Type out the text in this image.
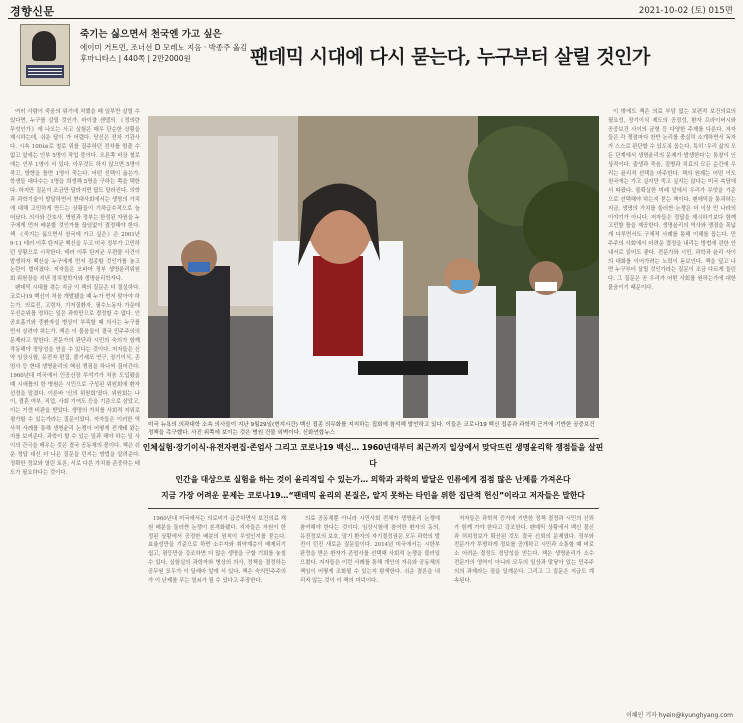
경향신문	2021-10-02 (토) 015면
죽기는 싫으면서 천국엔 가고 싶은
에이미 거트먼, 조너선 D 모레노 지음 · 박종주 옮김
후마니타스 | 440쪽 | 2만2000원	팬데믹 시대에 다시 묻는다, 누구부터 살릴 것인가

여러 사람이 죽음의 위기에 처했을 때 일부만 살릴 수 있다면, 누구를 살릴 것인가. 마이클 샌델의 《정의란 무엇인가》에 나오는 사고 실험은 매우 단순한 상황을 제시하는데, 쉬운 답이 가 어렵다. 당신은 전차 기관사다. 시속 100㎞로 철로 위를 질주하던 전차를 멈출 수 없고 앞에는 인부 5명이 작업 중이다. 오른쪽 비상 철로에는 인부 1명이 서 있다. 아무것도 하지 않으면 5명이 죽고, 방향을 틀면 1명이 죽는다. 어떤 선택이 옳은가. 학생들 대다수는 1명을 희생해 5명을 구하는 쪽을 택한다. 하지만 질문이 조금만 달라지면 답도 달라진다. 의학과 과학기술이 발달하면서 현대사회에서는 생명의 가치에 대해 고민하게 만드는 상황들이 기하급수적으로 늘어났다. 의사와 간호사, 병원과 정부는 한정된 자원을 누구에게 먼저 배분할 것인가를 끊임없이 결정해야 한다. 책 《죽기는 싫으면서 천국에 가고 싶은》은 2001년 9·11 테러 이후 탄저균 백신을 두고 미국 정부가 고민하던 상황으로 시작한다. 테러 이후 탄저균 우편물 사건이 발생하자 백신을 누구에게 먼저 접종할 것인가를 놓고 논란이 벌어졌다. 저자들은 오바마 정부 생명윤리위원회 위원장을 지낸 정치철학자와 생명윤리학자다.

팬데믹 시대를 겪는 지금 이 책의 질문은 더 절실하다. 코로나19 백신이 처음 개발됐을 때 누가 먼저 맞아야 하는가. 의료진, 고령자, 기저질환자, 필수노동자 가운데 우선순위를 정하는 일은 과학만으로 결정할 수 없다. 인공호흡기와 중환자실 병상이 부족할 때 의사는 누구를 먼저 살려야 하는가. 책은 이 물음들이 결국 민주주의의 문제라고 말한다. 전문가의 판단과 시민의 숙의가 함께 작동해야 정당성을 얻을 수 있다는 것이다. 저자들은 신약 임상시험, 유전자 편집, 줄기세포 연구, 장기이식, 존엄사 등 현대 생명윤리의 핵심 쟁점을 하나씩 짚어간다. 1960년대 미국에서 인공신장 투석기가 처음 도입됐을 때 시애틀의 한 병원은 시민으로 구성된 위원회에 환자 선정을 맡겼다. 이른바 '신의 위원회'였다. 위원회는 나이, 결혼 여부, 직업, 사회 기여도 등을 기준으로 삼았고, 이는 거센 비판을 받았다. 생명의 가치를 사회적 지위로 평가할 수 있는가라는 질문이었다. 저자들은 이러한 역사적 사례를 통해 생명윤리 논쟁이 어떻게 전개돼 왔는지를 보여준다. 과학이 할 수 있는 일과 해야 하는 일 사이의 간극을 메우는 것은 결국 공동체의 몫이다. 책은 쉬운 정답 대신 더 나은 질문을 던지는 방법을 알려준다. 정확한 정보와 열린 토론, 서로 다른 가치를 존중하는 태도가 필요하다는 것이다.

미국 뉴욕의 의과대학 소속 의사들이 지난 9월29일(현지시간) 백신 접종 의무화를 지지하는 집회에 참석해 발언하고 있다. 이들은 코로나19 백신 접종과 과학적 근거에 기반한 공중보건 정책을 촉구했다. 사진 위쪽에 보이는 것은 병원 건물 외벽이다. 신화연합뉴스

인체실험·장기이식·유전자편집·존엄사 그리고 코로나19 백신… 1960년대부터 최근까지 일상에서 맞닥뜨린 생명윤리학 쟁점들을 살핀다

인간을 대상으로 실험을 하는 것이 윤리적일 수 있는가… 의학과 과학의 발달은 인류에게 점점 많은 난제를 가져온다

지금 가장 어려운 문제는 코로나19…“팬데믹 윤리의 본질은, 알지 못하는 타인을 위한 집단적 헌신”이라고 저자들은 말한다

1960년대 미국에서는 의료비가 급증하면서 보건의료 재원 배분을 둘러싼 논쟁이 본격화됐다. 저자들은 자원이 한정된 상황에서 공정한 배분의 원칙이 무엇인지를 묻는다. 효율성만을 기준으로 하면 소수자와 취약계층이 배제되기 쉽고, 평등만을 강조하면 더 많은 생명을 구할 기회를 놓칠 수 있다. 실험실의 과학자와 병상의 의사, 정책을 결정하는 공무원 모두가 이 딜레마 앞에 서 있다. 책은 숙의민주주의가 이 난제를 푸는 열쇠가 될 수 있다고 주장한다.

의료 공동체뿐 아니라 시민사회 전체가 생명윤리 논쟁에 참여해야 한다는 것이다. 임상시험에 참여한 환자의 동의, 유전정보의 보호, 말기 환자의 자기결정권은 모두 과학의 발전이 던진 새로운 질문들이다. 2014년 미국에서는 시한부 판정을 받은 환자가 존엄사를 선택해 사회적 논쟁을 불러일으켰다. 저자들은 이런 사례를 통해 개인의 자유와 공동체의 책임이 어떻게 조화될 수 있는지 탐색한다. 쉬운 결론을 내리지 않는 것이 이 책의 미덕이다.

저자들은 과학적 증거에 기반한 정책 결정과 시민의 신뢰가 함께 가야 한다고 강조한다. 팬데믹 상황에서 백신 불신과 허위정보가 확산된 것도 결국 신뢰의 문제였다. 정부와 전문가가 투명하게 정보를 공개하고 시민과 소통할 때 비로소 어려운 결정도 정당성을 얻는다. 책은 생명윤리가 소수 전문가의 영역이 아니라 모두의 일상과 맞닿아 있는 민주주의의 과제라는 점을 일깨운다. 그리고 그 질문은 지금도 계속된다.

이 밖에도 책은 의료 부담 없는 보편적 보건의료의 필요성, 장기이식 제도의 공정성, 환자 프라이버시와 공중보건 사이의 균형 등 다양한 주제를 다룬다. 저자들은 각 쟁점마다 찬반 논리를 충실히 소개하면서 독자가 스스로 판단할 수 있도록 돕는다. 특히 '우리 삶의 모든 단계에서 생명윤리의 문제가 발생한다'는 통찰이 인상적이다. 출생과 죽음, 질병과 치료의 모든 순간에 우리는 윤리적 선택을 마주한다. 책의 원제는 어떤 이도 천국에는 가고 싶지만 죽고 싶지는 않다는 미국 속담에서 따왔다. 불확실한 미래 앞에서 우리가 무엇을 기준으로 선택해야 하는지 묻는 책이다. 팬데믹을 통과하는 지금, 생명의 가치를 둘러싼 논쟁은 더 이상 먼 나라의 이야기가 아니다. 저자들은 정답을 제시하기보다 함께 고민할 틀을 제공한다. 생명윤리의 역사와 쟁점을 폭넓게 다루면서도 구체적 사례를 통해 이해를 돕는다. 민주주의 사회에서 어려운 결정을 내리는 방법에 관한 안내서로 읽어도 좋다. 전문가와 시민, 과학과 윤리 사이의 대화를 이어가려는 노력이 돋보인다. 책을 덮고 나면 누구부터 살릴 것인가라는 질문이 조금 다르게 들린다. 그 질문은 곧 우리가 어떤 사회를 원하는가에 대한 물음이기 때문이다.

이혜인 기자 hyein@kyunghyang.com
